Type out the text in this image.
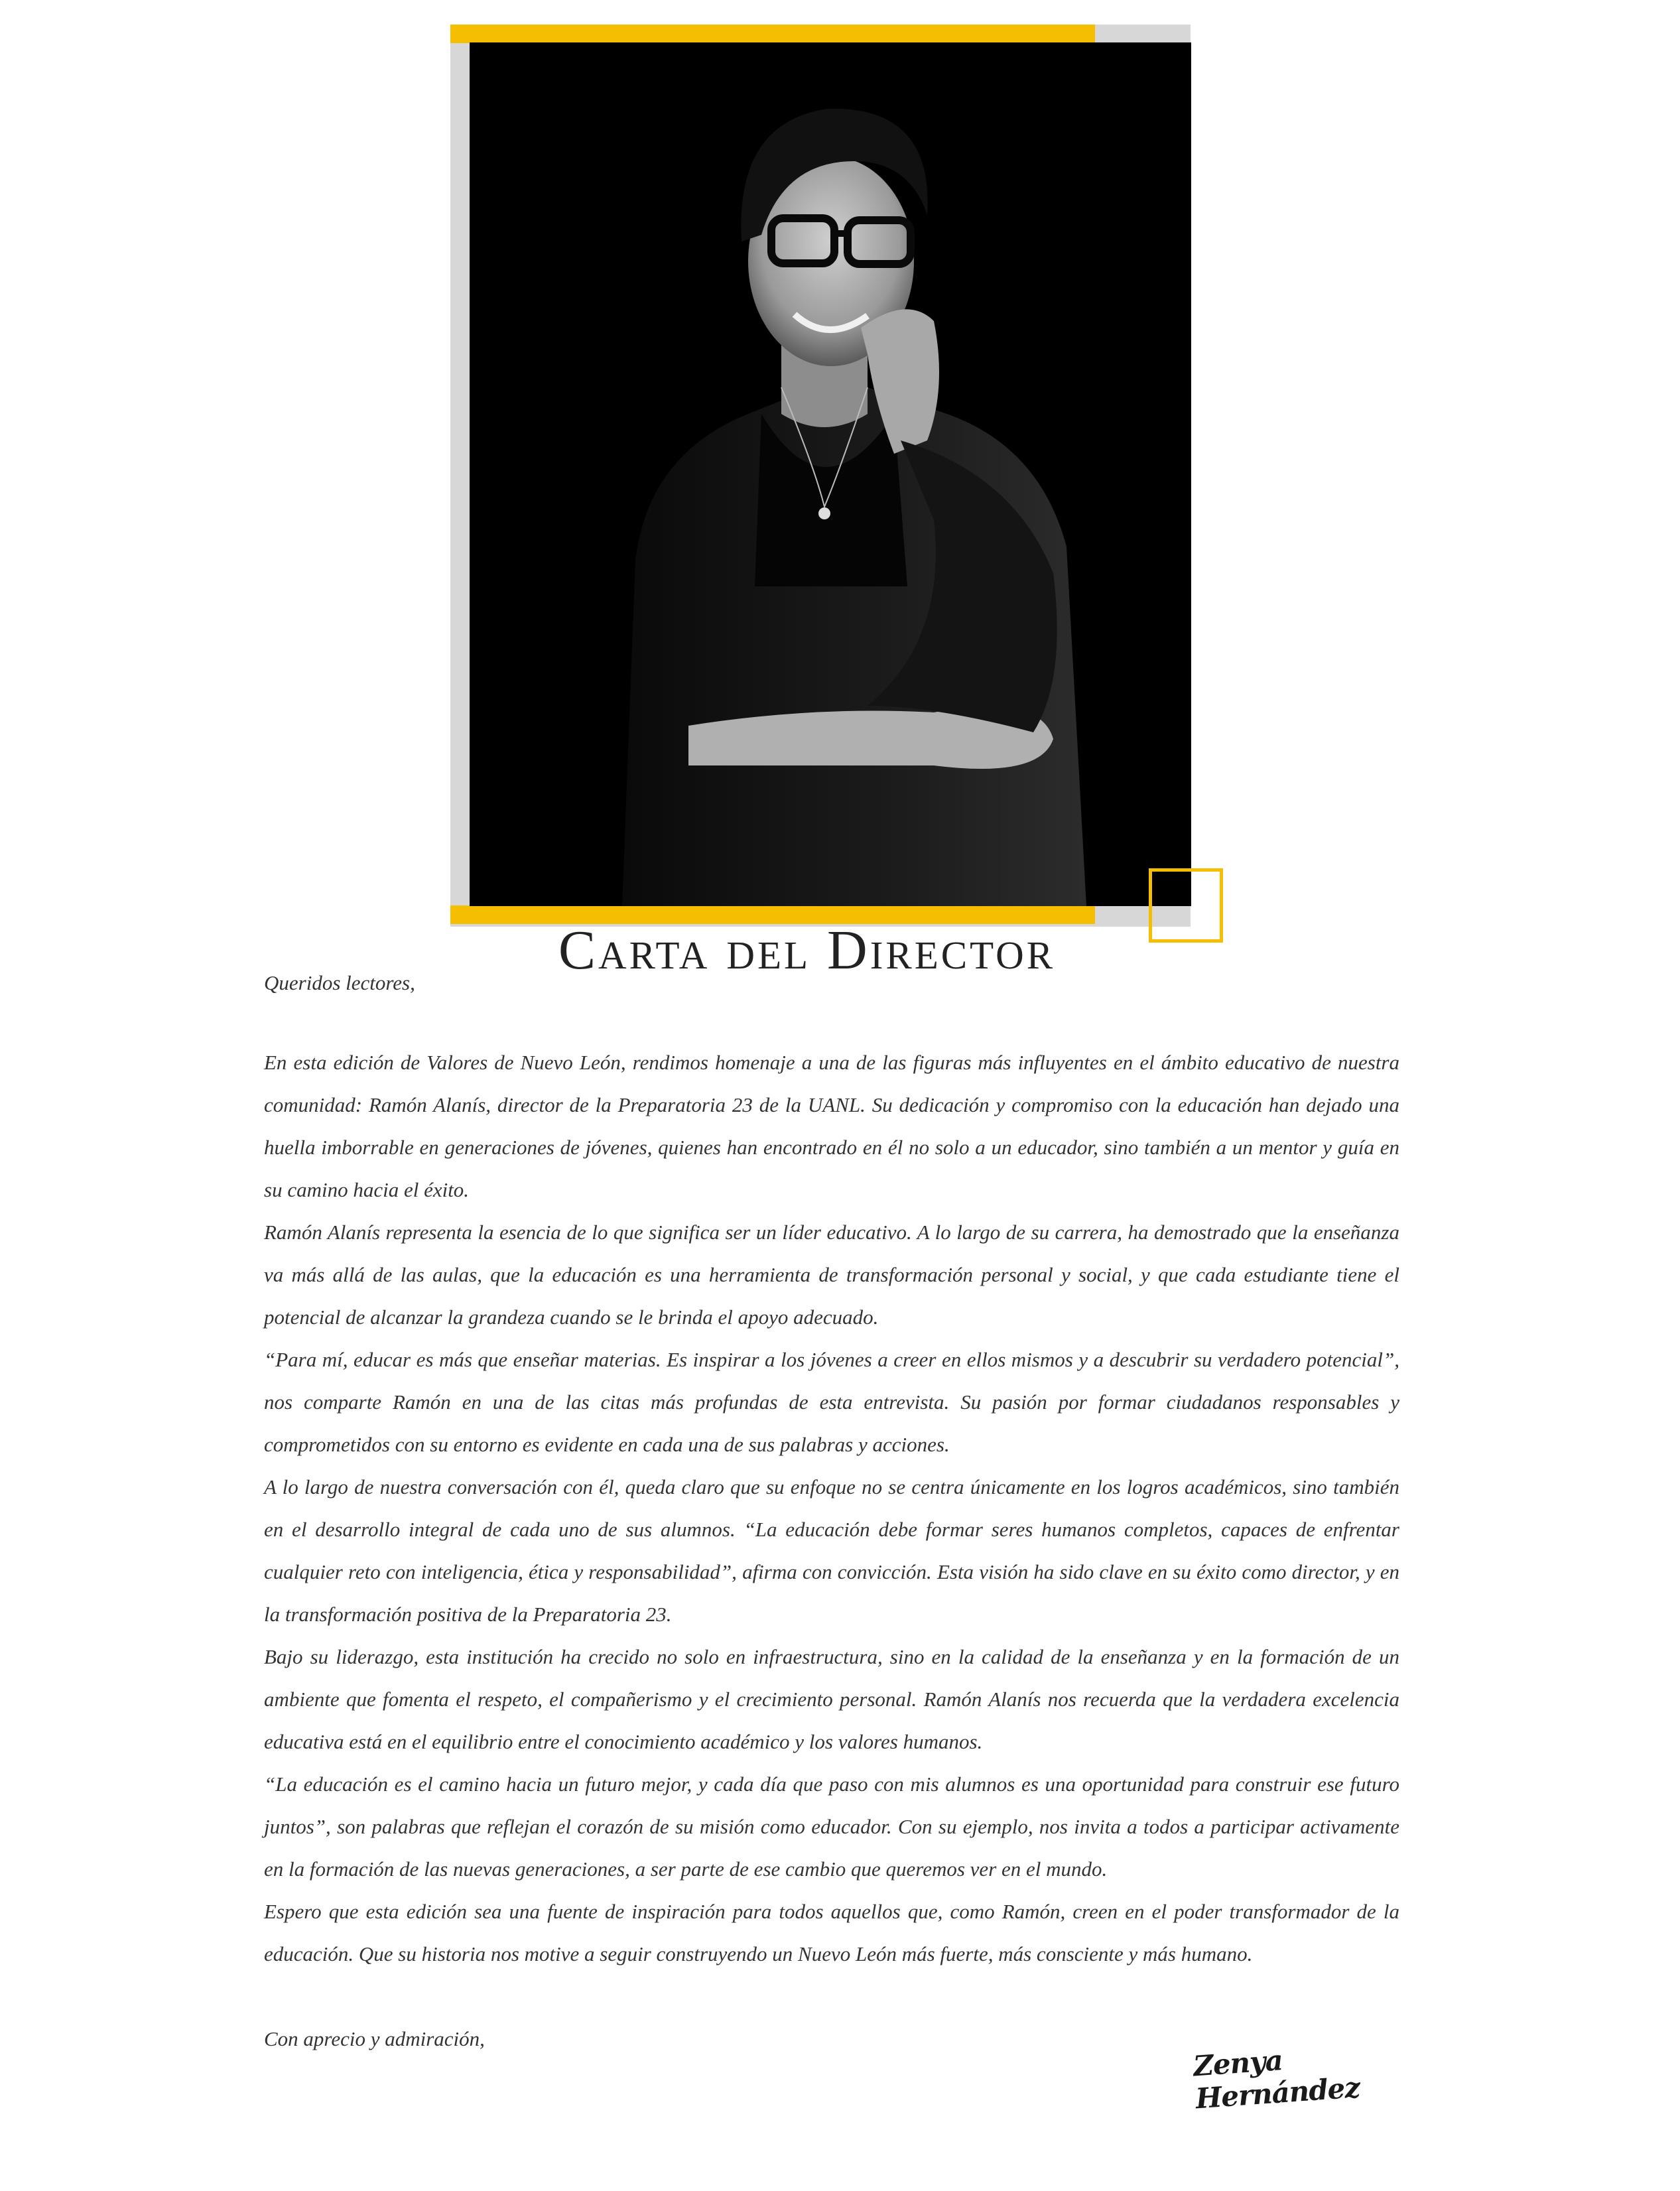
Carta del Director

Queridos lectores,

En esta edición de Valores de Nuevo León, rendimos homenaje a una de las figuras más influyentes en el ámbito educativo de nuestra comunidad: Ramón Alanís, director de la Preparatoria 23 de la UANL. Su dedicación y compromiso con la educación han dejado una huella imborrable en generaciones de jóvenes, quienes han encontrado en él no solo a un educador, sino también a un mentor y guía en su camino hacia el éxito.

Ramón Alanís representa la esencia de lo que significa ser un líder educativo. A lo largo de su carrera, ha demostrado que la enseñanza va más allá de las aulas, que la educación es una herramienta de transformación personal y social, y que cada estudiante tiene el potencial de alcanzar la grandeza cuando se le brinda el apoyo adecuado.

“Para mí, educar es más que enseñar materias. Es inspirar a los jóvenes a creer en ellos mismos y a descubrir su verdadero potencial”, nos comparte Ramón en una de las citas más profundas de esta entrevista. Su pasión por formar ciudadanos responsables y comprometidos con su entorno es evidente en cada una de sus palabras y acciones.

A lo largo de nuestra conversación con él, queda claro que su enfoque no se centra únicamente en los logros académicos, sino también en el desarrollo integral de cada uno de sus alumnos. “La educación debe formar seres humanos completos, capaces de enfrentar cualquier reto con inteligencia, ética y responsabilidad”, afirma con convicción. Esta visión ha sido clave en su éxito como director, y en la transformación positiva de la Preparatoria 23.

Bajo su liderazgo, esta institución ha crecido no solo en infraestructura, sino en la calidad de la enseñanza y en la formación de un ambiente que fomenta el respeto, el compañerismo y el crecimiento personal. Ramón Alanís nos recuerda que la verdadera excelencia educativa está en el equilibrio entre el conocimiento académico y los valores humanos.

“La educación es el camino hacia un futuro mejor, y cada día que paso con mis alumnos es una oportunidad para construir ese futuro juntos”, son palabras que reflejan el corazón de su misión como educador. Con su ejemplo, nos invita a todos a participar activamente en la formación de las nuevas generaciones, a ser parte de ese cambio que queremos ver en el mundo.

Espero que esta edición sea una fuente de inspiración para todos aquellos que, como Ramón, creen en el poder transformador de la educación. Que su historia nos motive a seguir construyendo un Nuevo León más fuerte, más consciente y más humano.

Con aprecio y admiración,

Zenya Hernández
